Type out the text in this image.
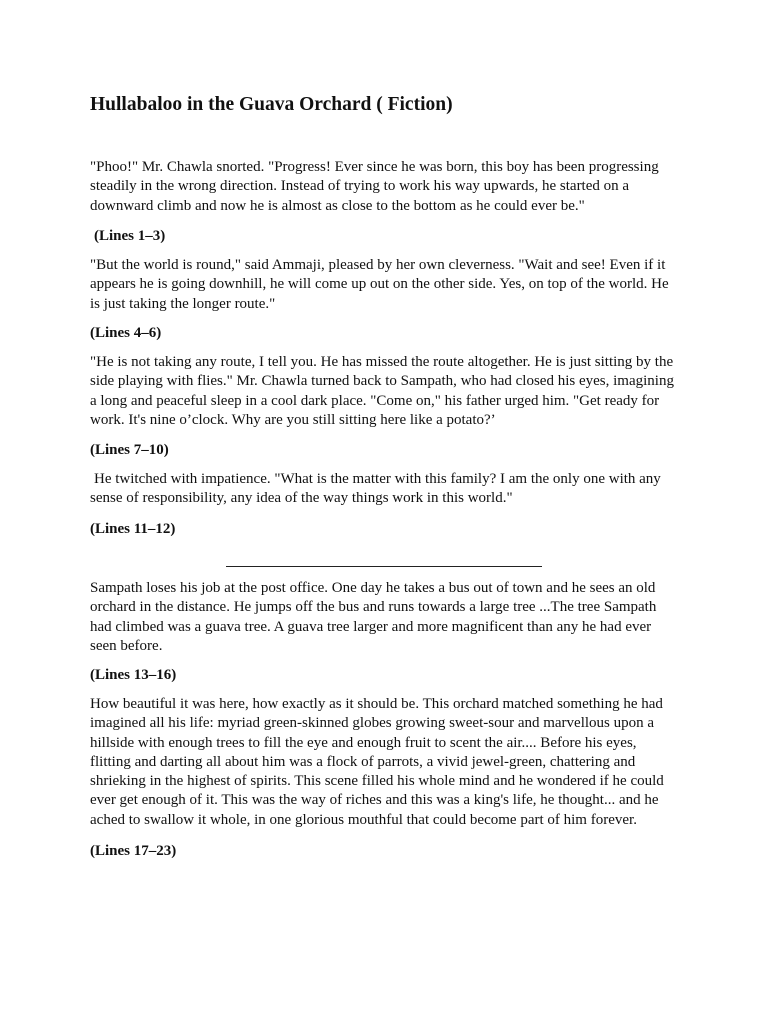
Hullabaloo in the Guava Orchard ( Fiction)

"Phoo!" Mr. Chawla snorted. "Progress! Ever since he was born, this boy has been progressing steadily in the wrong direction. Instead of trying to work his way upwards, he started on a downward climb and now he is almost as close to the bottom as he could ever be."

(Lines 1–3)

"But the world is round," said Ammaji, pleased by her own cleverness. "Wait and see! Even if it appears he is going downhill, he will come up out on the other side. Yes, on top of the world. He is just taking the longer route."

(Lines 4–6)

"He is not taking any route, I tell you. He has missed the route altogether. He is just sitting by the side playing with flies." Mr. Chawla turned back to Sampath, who had closed his eyes, imagining a long and peaceful sleep in a cool dark place. "Come on," his father urged him. "Get ready for work. It's nine o’clock. Why are you still sitting here like a potato?’

(Lines 7–10)

He twitched with impatience. "What is the matter with this family? I am the only one with any sense of responsibility, any idea of the way things work in this world."

(Lines 11–12)

Sampath loses his job at the post office. One day he takes a bus out of town and he sees an old orchard in the distance. He jumps off the bus and runs towards a large tree ...The tree Sampath had climbed was a guava tree. A guava tree larger and more magnificent than any he had ever seen before.

(Lines 13–16)

How beautiful it was here, how exactly as it should be. This orchard matched something he had imagined all his life: myriad green-skinned globes growing sweet-sour and marvellous upon a hillside with enough trees to fill the eye and enough fruit to scent the air.... Before his eyes, flitting and darting all about him was a flock of parrots, a vivid jewel-green, chattering and shrieking in the highest of spirits. This scene filled his whole mind and he wondered if he could ever get enough of it. This was the way of riches and this was a king's life, he thought... and he ached to swallow it whole, in one glorious mouthful that could become part of him forever.

(Lines 17–23)
